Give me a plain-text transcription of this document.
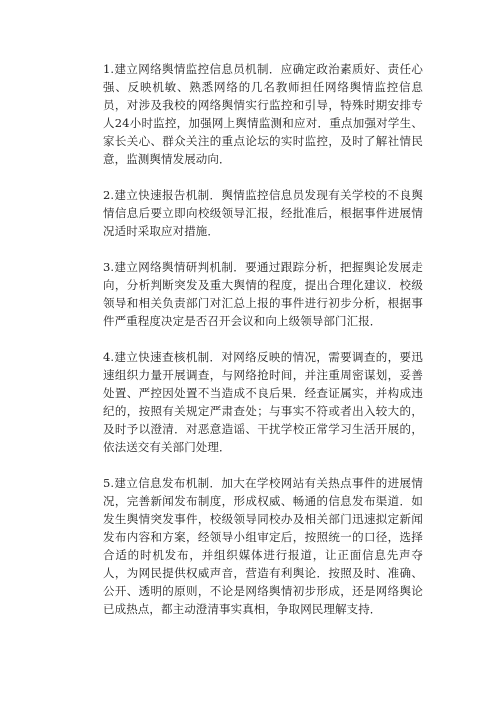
1.建立网络舆情监控信息员机制．应确定政治素质好、责任心强、反映机敏、熟悉网络的几名教师担任网络舆情监控信息员，对涉及我校的网络舆情实行监控和引导，特殊时期安排专人24小时监控，加强网上舆情监测和应对．重点加强对学生、家长关心、群众关注的重点论坛的实时监控，及时了解社情民意，监测舆情发展动向．

2.建立快速报告机制．舆情监控信息员发现有关学校的不良舆情信息后要立即向校级领导汇报，经批准后，根据事件进展情况适时采取应对措施．

3.建立网络舆情研判机制．要通过跟踪分析，把握舆论发展走向，分析判断突发及重大舆情的程度，提出合理化建议．校级领导和相关负责部门对汇总上报的事件进行初步分析，根据事件严重程度决定是否召开会议和向上级领导部门汇报．

4.建立快速查核机制．对网络反映的情况，需要调查的，要迅速组织力量开展调查，与网络抢时间，并注重周密谋划，妥善处置、严控因处置不当造成不良后果．经查证属实，并构成违纪的，按照有关规定严肃查处；与事实不符或者出入较大的，及时予以澄清．对恶意造谣、干扰学校正常学习生活开展的，依法送交有关部门处理．

5.建立信息发布机制．加大在学校网站有关热点事件的进展情况，完善新闻发布制度，形成权威、畅通的信息发布渠道．如发生舆情突发事件，校级领导同校办及相关部门迅速拟定新闻发布内容和方案，经领导小组审定后，按照统一的口径，选择合适的时机发布，并组织媒体进行报道，让正面信息先声夺人，为网民提供权威声音，营造有利舆论．按照及时、准确、公开、透明的原则，不论是网络舆情初步形成，还是网络舆论已成热点，都主动澄清事实真相，争取网民理解支持．
